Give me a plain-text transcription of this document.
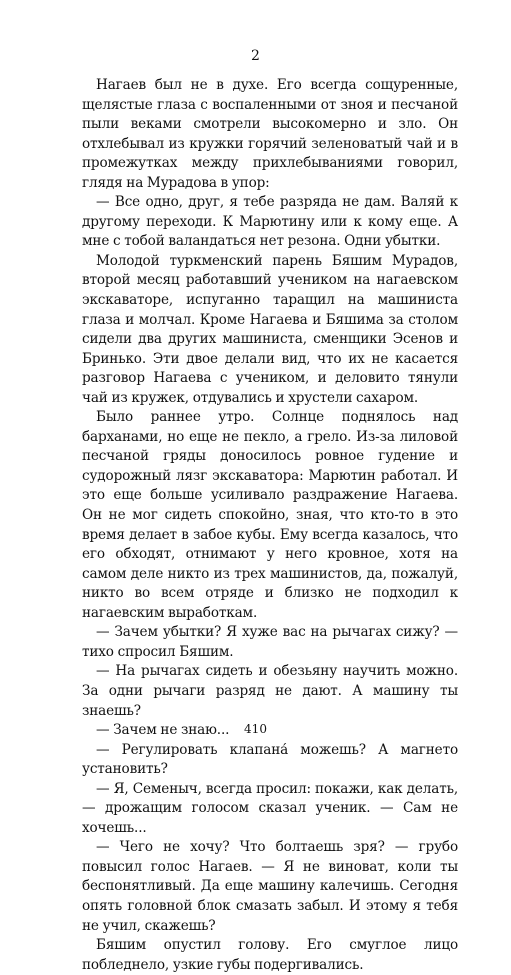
2

Нагаев был не в духе. Его всегда сощуренные, щелястые глаза с воспаленными от зноя и песчаной пыли веками смотрели высокомерно и зло. Он отхлебывал из кружки горячий зеленоватый чай и в промежутках между прихлебываниями говорил, глядя на Мурадова в упор:

— Все одно, друг, я тебе разряда не дам. Валяй к другому переходи. К Марютину или к кому еще. А мне с тобой валандаться нет резона. Одни убытки.

Молодой туркменский парень Бяшим Мурадов, второй месяц работавший учеником на нагаевском экскаваторе, испуганно таращил на машиниста глаза и молчал. Кроме Нагаева и Бяшима за столом сидели два других машиниста, сменщики Эсенов и Бринько. Эти двое делали вид, что их не касается разговор Нагаева с учеником, и деловито тянули чай из кружек, отдувались и хрустели сахаром.

Было раннее утро. Солнце поднялось над барханами, но еще не пекло, а грело. Из-за лиловой песчаной гряды доносилось ровное гудение и судорожный лязг экскаватора: Марютин работал. И это еще больше усиливало раздражение Нагаева. Он не мог сидеть спокойно, зная, что кто-то в это время делает в забое кубы. Ему всегда казалось, что его обходят, отнимают у него кровное, хотя на самом деле никто из трех машинистов, да, пожалуй, никто во всем отряде и близко не подходил к нагаевским выработкам.

— Зачем убытки? Я хуже вас на рычагах сижу? — тихо спросил Бяшим.

— На рычагах сидеть и обезьяну научить можно. За одни рычаги разряд не дают. А машину ты знаешь?

— Зачем не знаю...

— Регулировать клапана́ можешь? А магнето установить?

— Я, Семеныч, всегда просил: покажи, как делать, — дрожащим голосом сказал ученик. — Сам не хочешь...

— Чего не хочу? Что болтаешь зря? — грубо повысил голос Нагаев. — Я не виноват, коли ты беспонятливый. Да еще машину калечишь. Сегодня опять головной блок смазать забыл. И этому я тебя не учил, скажешь?

Бяшим опустил голову. Его смуглое лицо побледнело, узкие губы подергивались.

410
